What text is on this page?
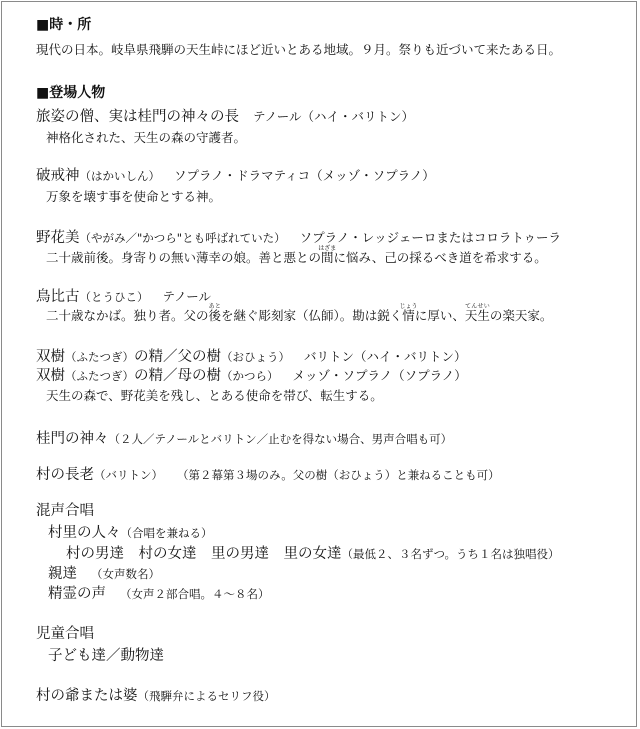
■時・所

現代の日本。岐阜県飛騨の天生峠にほど近いとある地域。９月。祭りも近づいて来たある日。

■登場人物

旅姿の僧、実は桂門の神々の長 テノール（ハイ・バリトン）

神格化された、天生の森の守護者。

破戒神（はかいしん） ソプラノ・ドラマティコ（メッゾ・ソプラノ）

万象を壊す事を使命とする神。

野花美（やがみ／"かつら"とも呼ばれていた） ソプラノ・レッジェーロまたはコロラトゥーラ

二十歳前後。身寄りの無い薄幸の娘。善と悪との間はざまに悩み、己の採るべき道を希求する。

鳥比古（とうひこ） テノール

二十歳なかば。独り者。父の後あとを継ぐ彫刻家（仏師）。勘は鋭く情じょうに厚い、天生てんせいの楽天家。

双樹（ふたつぎ）の精／父の樹（おひょう） バリトン（ハイ・バリトン）

双樹（ふたつぎ）の精／母の樹（かつら） メッゾ・ソプラノ（ソプラノ）

天生の森で、野花美を残し、とある使命を帯び、転生する。

桂門の神々（２人／テノールとバリトン／止むを得ない場合、男声合唱も可）

村の長老（バリトン） （第２幕第３場のみ。父の樹（おひょう）と兼ねることも可）

混声合唱

村里の人々（合唱を兼ねる）

村の男達　村の女達　里の男達　里の女達（最低２、３名ずつ。うち１名は独唱役）

親達 （女声数名）

精霊の声 （女声２部合唱。４～８名）

児童合唱

子ども達／動物達

村の爺または婆（飛騨弁によるセリフ役）
